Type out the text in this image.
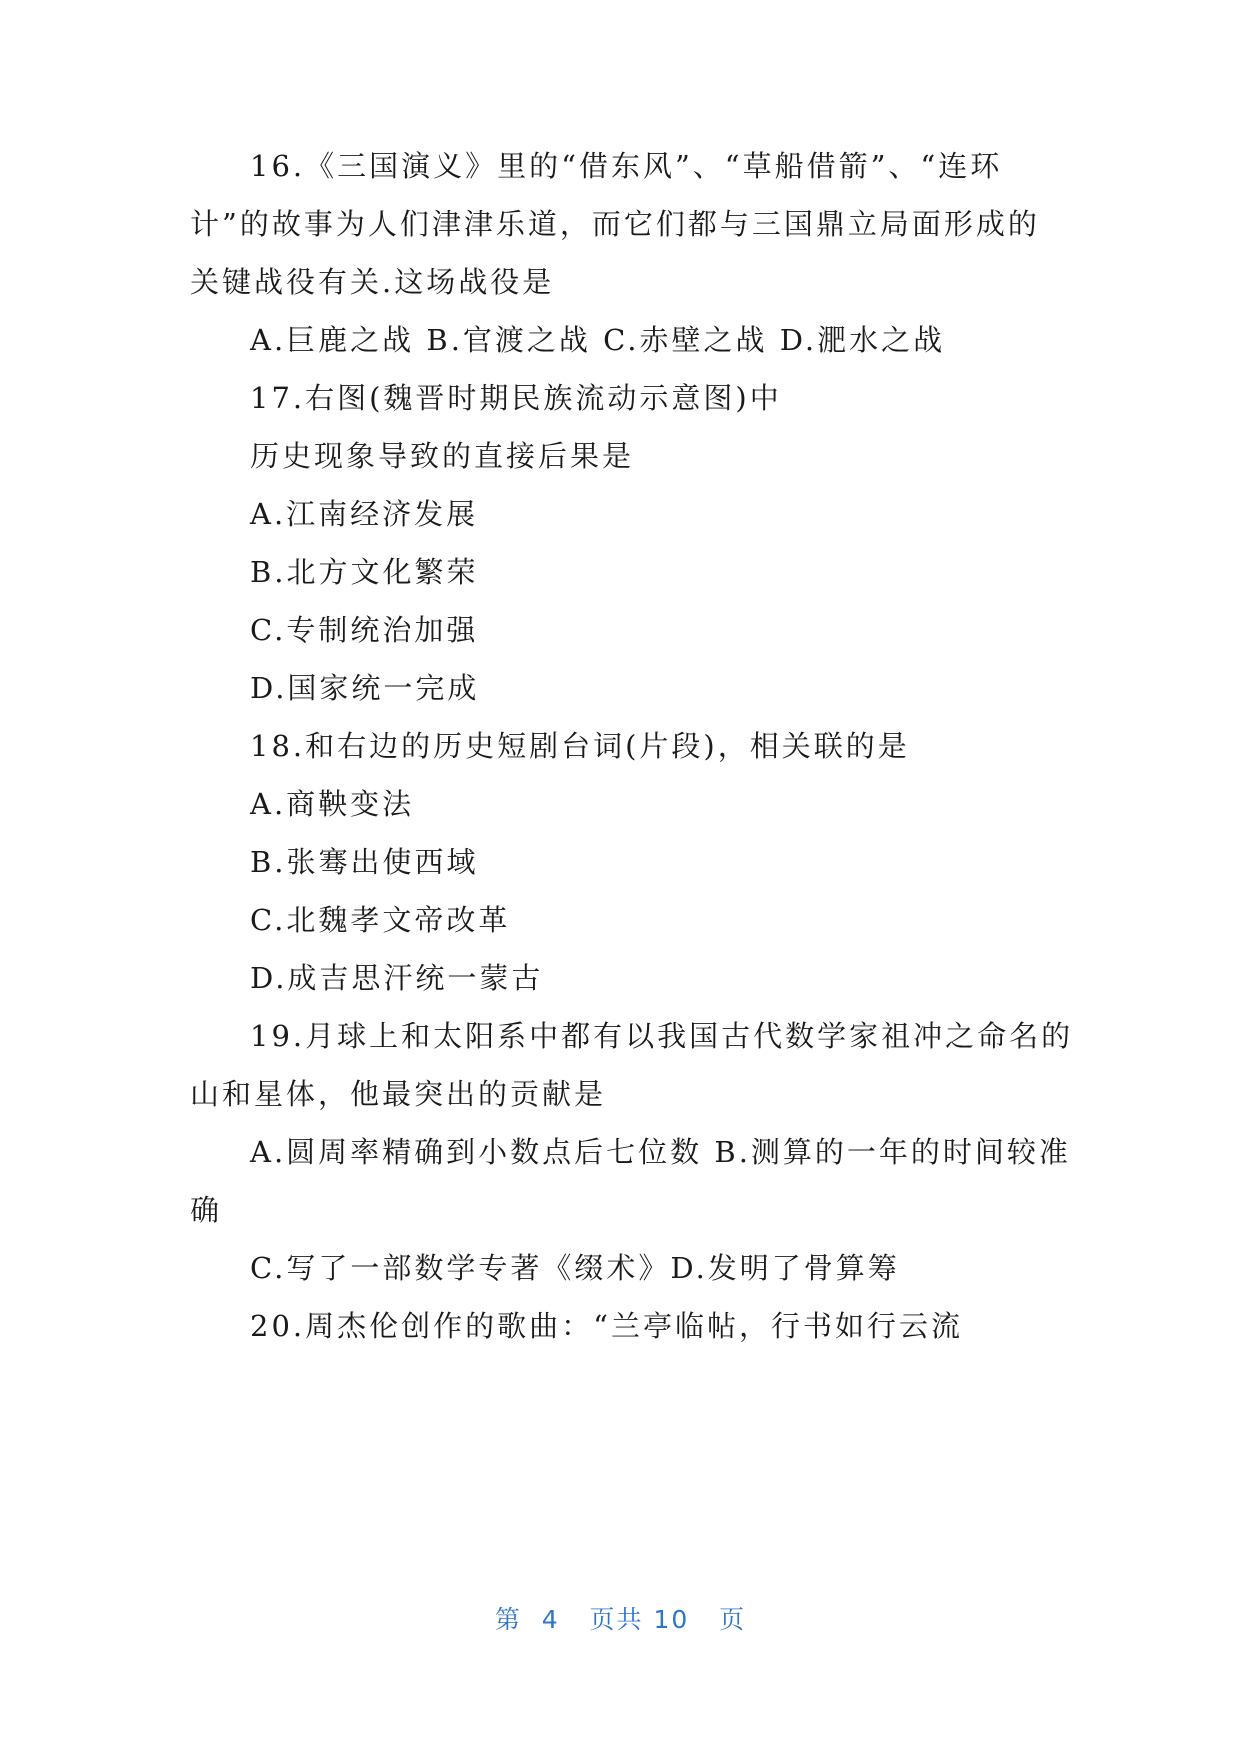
16.《三国演义》里的“借东风”、“草船借箭”、“连环
计”的故事为人们津津乐道，而它们都与三国鼎立局面形成的
关键战役有关.这场战役是
A.巨鹿之战 B.官渡之战 C.赤壁之战 D.淝水之战
17.右图(魏晋时期民族流动示意图)中
历史现象导致的直接后果是
A.江南经济发展
B.北方文化繁荣
C.专制统治加强
D.国家统一完成
18.和右边的历史短剧台词(片段)，相关联的是
A.商鞅变法
B.张骞出使西域
C.北魏孝文帝改革
D.成吉思汗统一蒙古
19.月球上和太阳系中都有以我国古代数学家祖冲之命名的
山和星体，他最突出的贡献是
A.圆周率精确到小数点后七位数 B.测算的一年的时间较准
确
C.写了一部数学专著《缀术》D.发明了骨算筹
20.周杰伦创作的歌曲：“兰亭临帖，行书如行云流
第  4   页共 10   页
